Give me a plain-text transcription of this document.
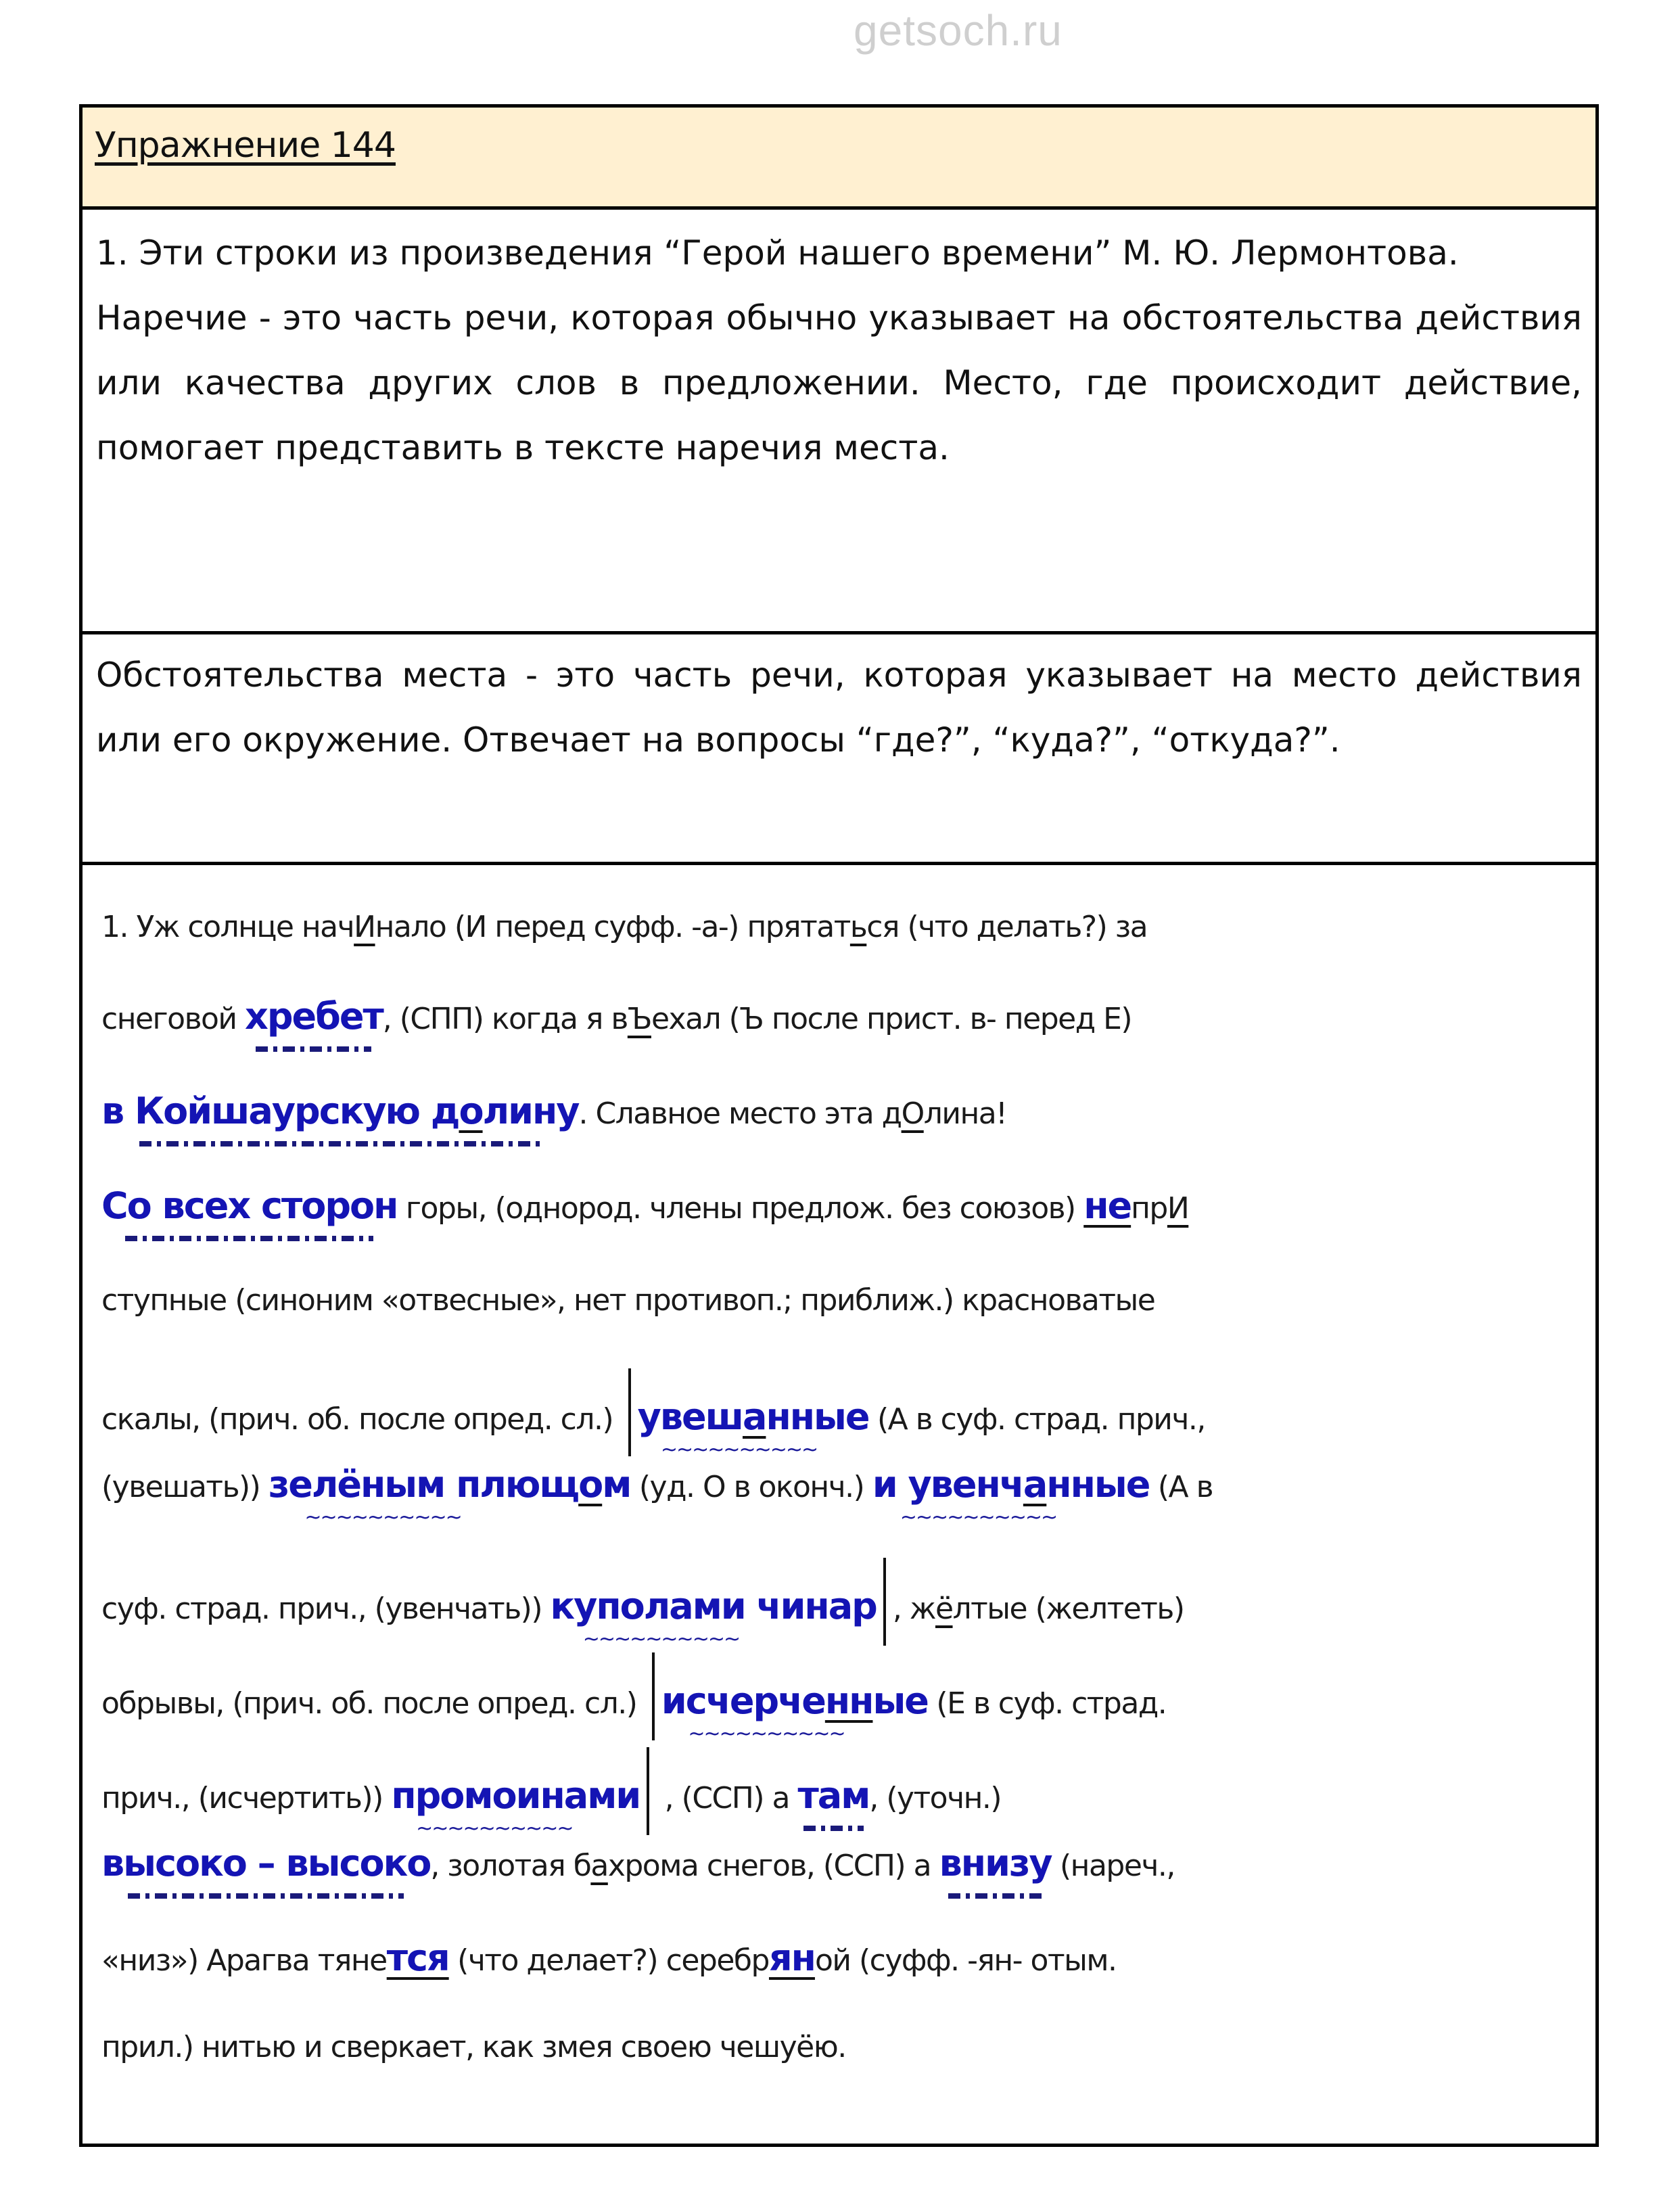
getsoch.ru
Упражнение 144

1. Эти строки из произведения “Герой нашего времени” М. Ю. Лермонтова.

Наречие - это часть речи, которая обычно указывает на обстоятельства действия или качества других слов в предложении. Место, где происходит действие, помогает представить в тексте наречия места.

Обстоятельства места - это часть речи, которая указывает на место действия или его окружение. Отвечает на вопросы “где?”, “куда?”, “откуда?”.

1. Уж солнце начИнало (И перед суфф. -а-) прятаться (что делать?) за
снеговой хребет
, (СПП) когда я вЪехал (Ъ после прист. в- перед Е)
в Койшаурскую долину
. Славное место эта дОлина!
Со всех сторон
горы, (однород. члены предлож. без союзов) непрИ
ступные (синоним «отвесные», нет противоп.; приближ.) красноватые
скалы, (прич. об. после опред. сл.) увешанные
~~~~~~~~~~
(А в суф. страд. прич.,
(увешать)) зелёным плющом
~~~~~~~~~~
(уд. О в оконч.) и увенчанные
~~~~~~~~~~
(А в
суф. страд. прич., (увенчать)) куполами чинар
~~~~~~~~~~
, жёлтые (желтеть)
обрывы, (прич. об. после опред. сл.) исчерченные
~~~~~~~~~~
(Е в суф. страд.
прич., (исчертить)) промоинами
~~~~~~~~~~
, (ССП) а там
, (уточн.)
высоко – высоко
, золотая бахрома снегов, (ССП) а внизу
(нареч.,
«низ») Арагва тянется (что делает?) серебряной (суфф. -ян- отым.
прил.) нитью и сверкает, как змея своею чешуёю.
